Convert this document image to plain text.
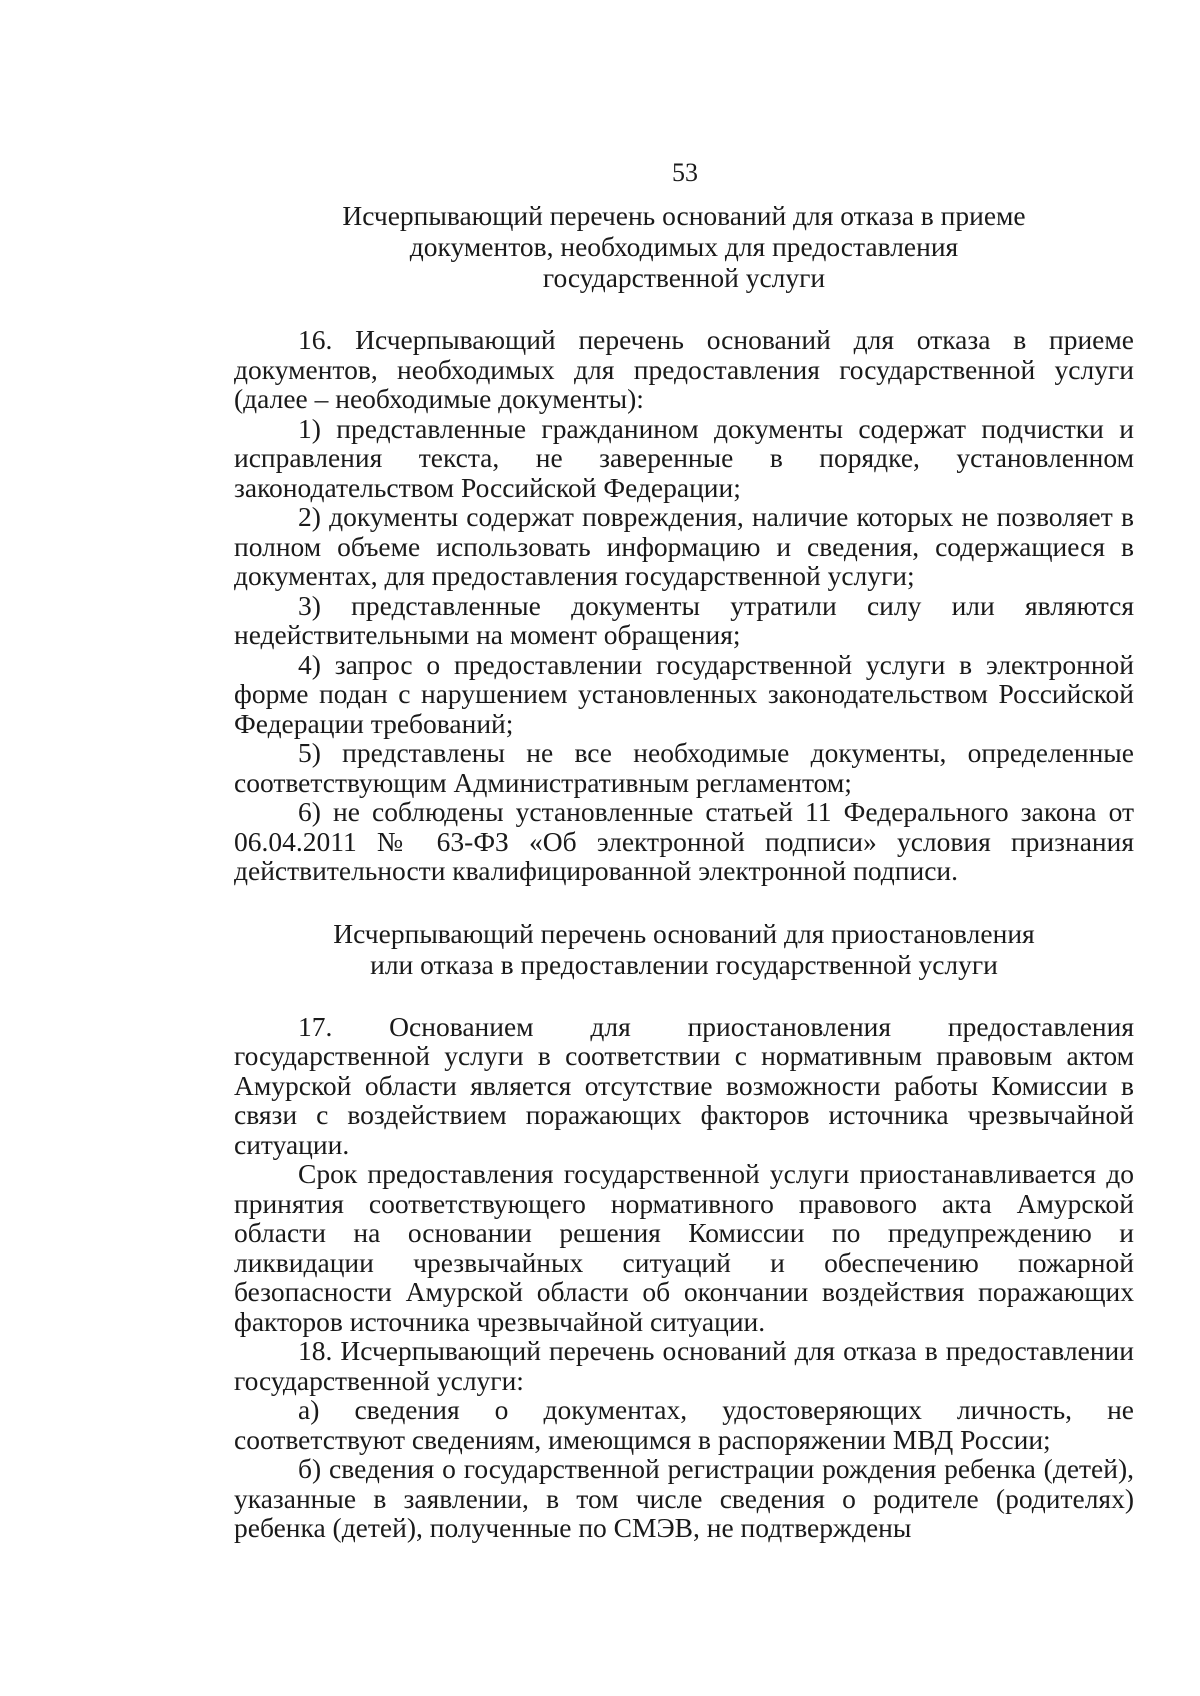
53
Исчерпывающий перечень оснований для отказа в приеме
документов, необходимых для предоставления
государственной услуги

16. Исчерпывающий перечень оснований для отказа в приеме документов, необходимых для предоставления государственной услуги (далее – необходимые документы):

1) представленные гражданином документы содержат подчистки и исправления текста, не заверенные в порядке, установленном законодательством Российской Федерации;

2) документы содержат повреждения, наличие которых не позволяет в полном объеме использовать информацию и сведения, содержащиеся в документах, для предоставления государственной услуги;

3) представленные документы утратили силу или являются недействительными на момент обращения;

4) запрос о предоставлении государственной услуги в электронной форме подан с нарушением установленных законодательством Российской Федерации требований;

5) представлены не все необходимые документы, определенные соответствующим Административным регламентом;

6) не соблюдены установленные статьей 11 Федерального закона от 06.04.2011 № 63-ФЗ «Об электронной подписи» условия признания действительности квалифицированной электронной подписи.

Исчерпывающий перечень оснований для приостановления
или отказа в предоставлении государственной услуги

17. Основанием для приостановления предоставления государственной услуги в соответствии с нормативным правовым актом Амурской области является отсутствие возможности работы Комиссии в связи с воздействием поражающих факторов источника чрезвычайной ситуации.

Срок предоставления государственной услуги приостанавливается до принятия соответствующего нормативного правового акта Амурской области на основании решения Комиссии по предупреждению и ликвидации чрезвычайных ситуаций и обеспечению пожарной безопасности Амурской области об окончании воздействия поражающих факторов источника чрезвычайной ситуации.

18. Исчерпывающий перечень оснований для отказа в предоставлении государственной услуги:

а) сведения о документах, удостоверяющих личность, не соответствуют сведениям, имеющимся в распоряжении МВД России;

б) сведения о государственной регистрации рождения ребенка (детей), указанные в заявлении, в том числе сведения о родителе (родителях) ребенка (детей), полученные по СМЭВ, не подтверждены
